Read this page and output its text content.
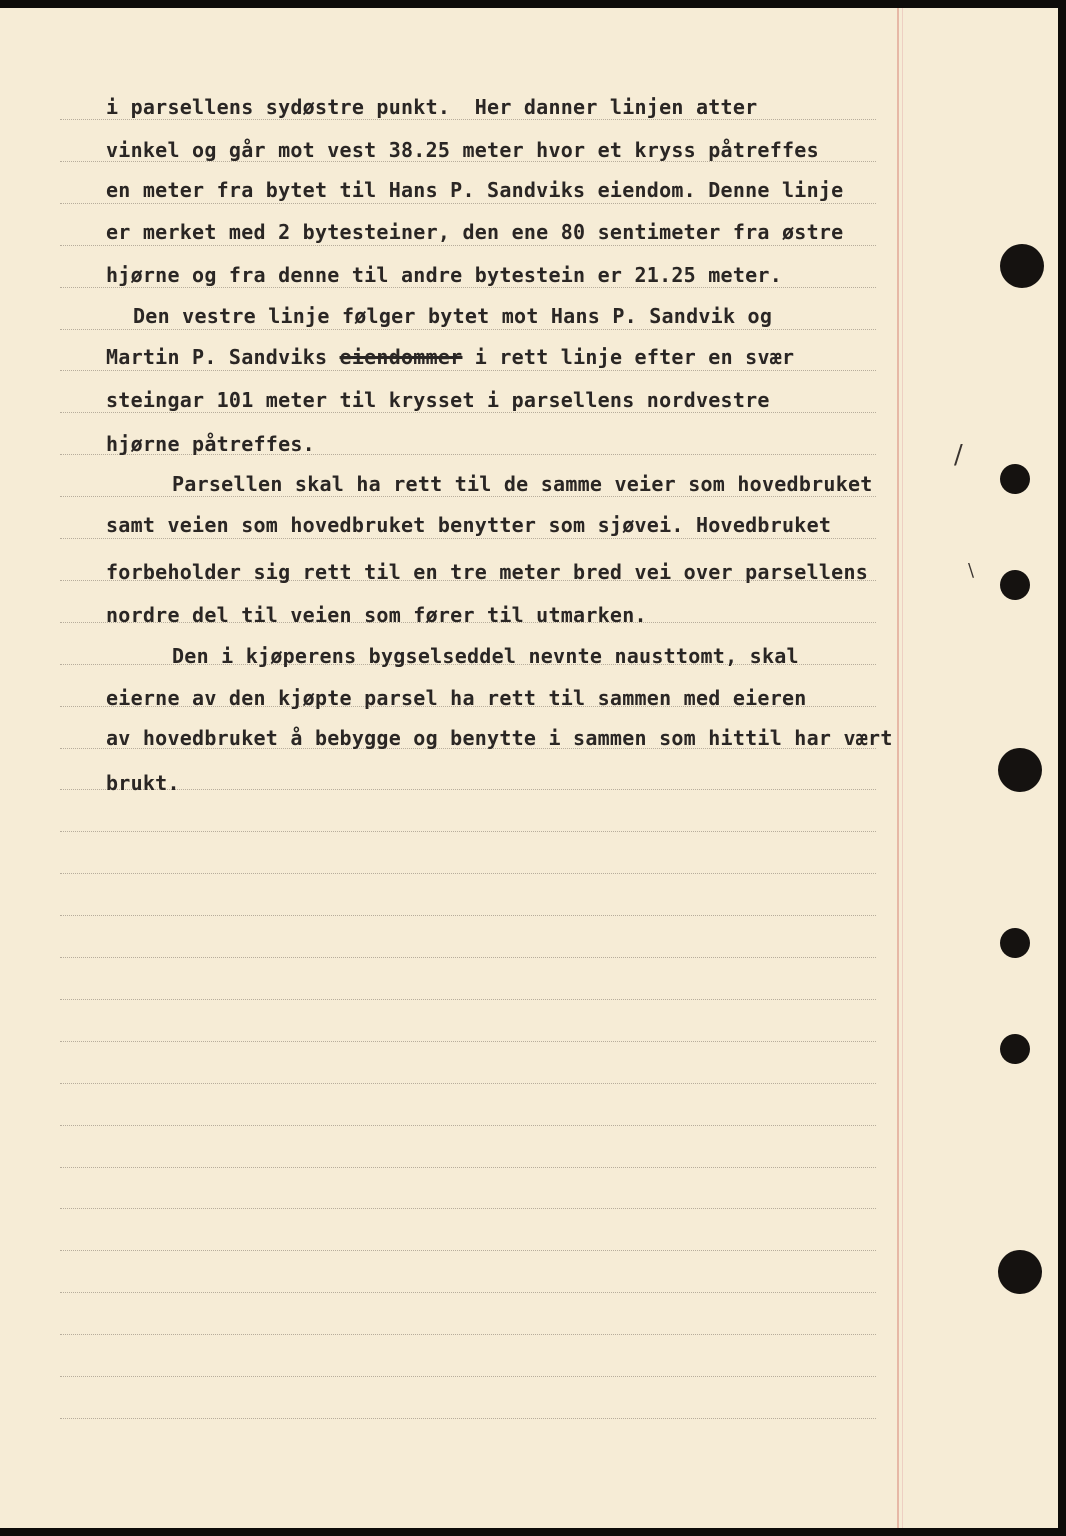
i parsellens sydøstre punkt.  Her danner linjen atter

vinkel og går mot vest 38.25 meter hvor et kryss påtreffes

en meter fra bytet til Hans P. Sandviks eiendom. Denne linje

er merket med 2 bytesteiner, den ene 80 sentimeter fra østre

hjørne og fra denne til andre bytestein er 21.25 meter.

Den vestre linje følger bytet mot Hans P. Sandvik og

Martin P. Sandviks eiendommer i rett linje efter en svær

steingar 101 meter til krysset i parsellens nordvestre

hjørne påtreffes.

Parsellen skal ha rett til de samme veier som hovedbruket

samt veien som hovedbruket benytter som sjøvei. Hovedbruket

forbeholder sig rett til en tre meter bred vei over parsellens

nordre del til veien som fører til utmarken.

Den i kjøperens bygselseddel nevnte nausttomt, skal

eierne av den kjøpte parsel ha rett til sammen med eieren

av hovedbruket å bebygge og benytte i sammen som hittil har vært

brukt.

/
\
